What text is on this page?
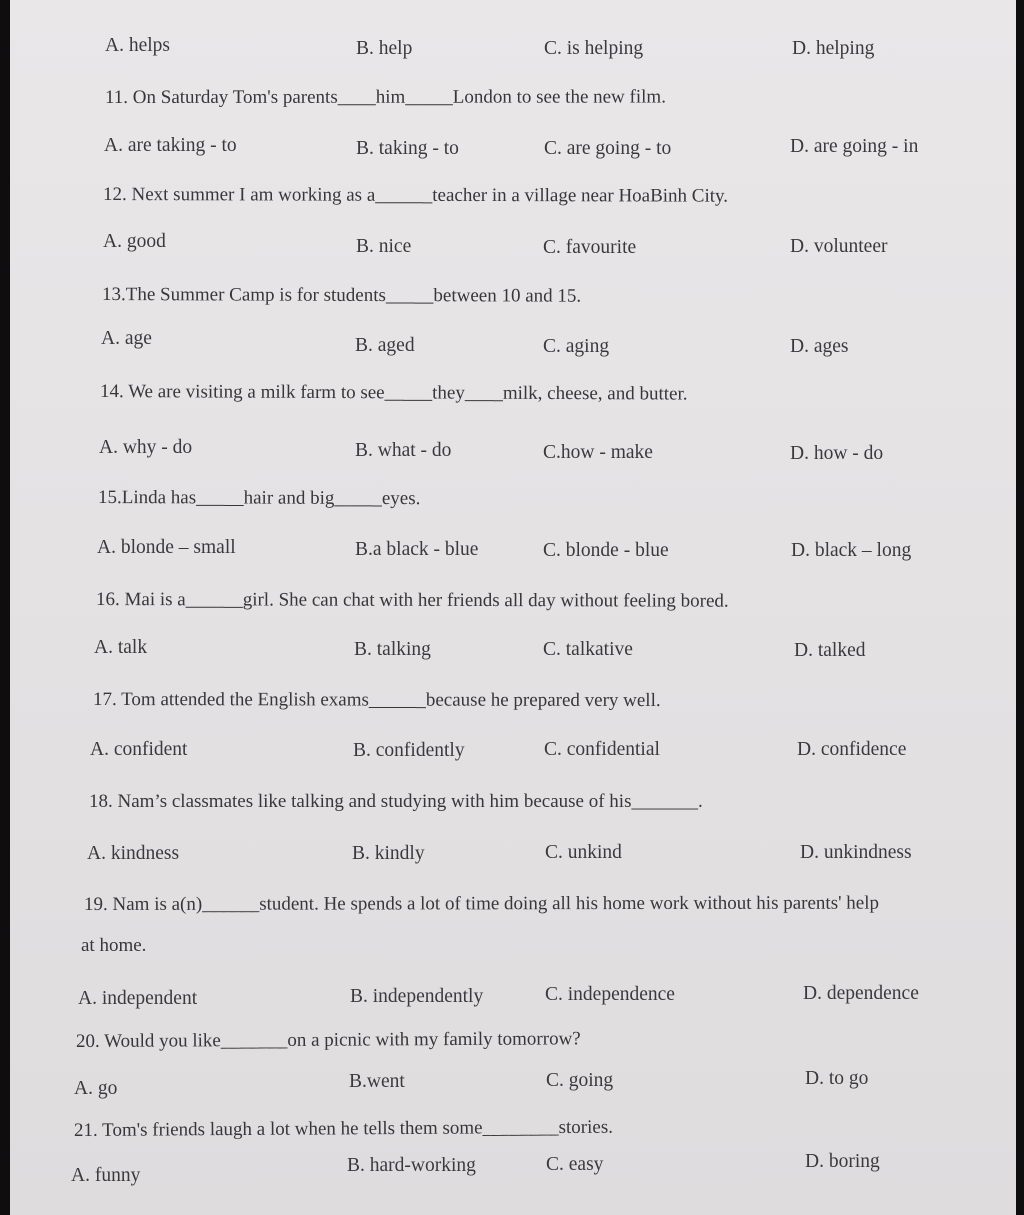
A. helps	B. help	C. is helping	D. helping
11. On Saturday Tom's parents____him_____London to see the new film.
A. are taking - to	B. taking - to	C. are going - to	D. are going - in
12. Next summer I am working as a______teacher in a village near HoaBinh City.
A. good	B. nice	C. favourite	D. volunteer
13.The Summer Camp is for students_____between 10 and 15.
A. age	B. aged	C. aging	D. ages
14. We are visiting a milk farm to see_____they____milk, cheese, and butter.
A. why - do	B. what - do	C.how - make	D. how - do
15.Linda has_____hair and big_____eyes.
A. blonde – small	B.a black - blue	C. blonde - blue	D. black – long
16. Mai is a______girl. She can chat with her friends all day without feeling bored.
A. talk	B. talking	C. talkative	D. talked
17. Tom attended the English exams______because he prepared very well.
A. confident	B. confidently	C. confidential	D. confidence
18. Nam’s classmates like talking and studying with him because of his_______.
A. kindness	B. kindly	C. unkind	D. unkindness
19. Nam is a(n)______student. He spends a lot of time doing all his home work without his parents' help
at home.
A. independent	B. independently	C. independence	D. dependence
20. Would you like_______on a picnic with my family tomorrow?
A. go	B.went	C. going	D. to go
21. Tom's friends laugh a lot when he tells them some________stories.
A. funny	B. hard-working	C. easy	D. boring
